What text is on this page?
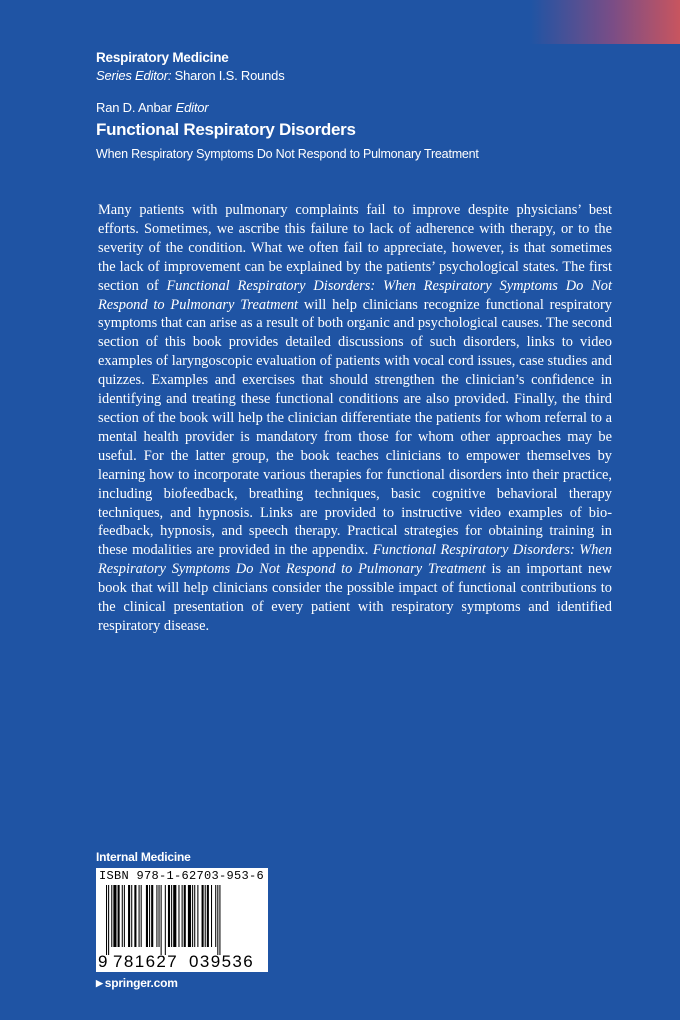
Respiratory Medicine
Series Editor: Sharon I.S. Rounds
Ran D. Anbar Editor
Functional Respiratory Disorders
When Respiratory Symptoms Do Not Respond to Pulmonary Treatment

Many patients with pulmonary complaints fail to improve despite physicians’ best efforts. Sometimes, we ascribe this failure to lack of adherence with therapy, or to the severity of the condition. What we often fail to appreciate, however, is that sometimes the lack of improvement can be explained by the patients’ psychological states. The first section of Functional Respiratory Disorders: When Respiratory Symptoms Do Not Respond to Pulmonary Treatment will help clinicians recognize functional respiratory symptoms that can arise as a result of both organic and psychological causes. The second section of this book provides detailed discussions of such disorders, links to video examples of laryngoscopic evaluation of patients with vocal cord issues, case studies and quizzes. Examples and exercises that should strengthen the clinician’s confidence in identifying and treating these functional conditions are also provided. Finally, the third section of the book will help the clinician differentiate the patients for whom referral to a mental health provider is mandatory from those for whom other approaches may be useful. For the latter group, the book teaches clinicians to empower themselves by learning how to incorporate various therapies for functional disorders into their practice, including biofeedback, breathing techniques, basic cognitive behavioral therapy techniques, and hypnosis. Links are provided to instructive video examples of biofeedback, hypnosis, and speech therapy. Practical strategies for obtaining training in these modalities are provided in the appendix. Functional Respiratory Disorders: When Respiratory Symptoms Do Not Respond to Pulmonary Treatment is an important new book that will help clinicians consider the possible impact of functional contributions to the clinical presentation of every patient with respiratory symptoms and identified respiratory disease.

Internal Medicine
ISBN 978-1-62703-953-6
9 781627 039536
▶ springer.com
